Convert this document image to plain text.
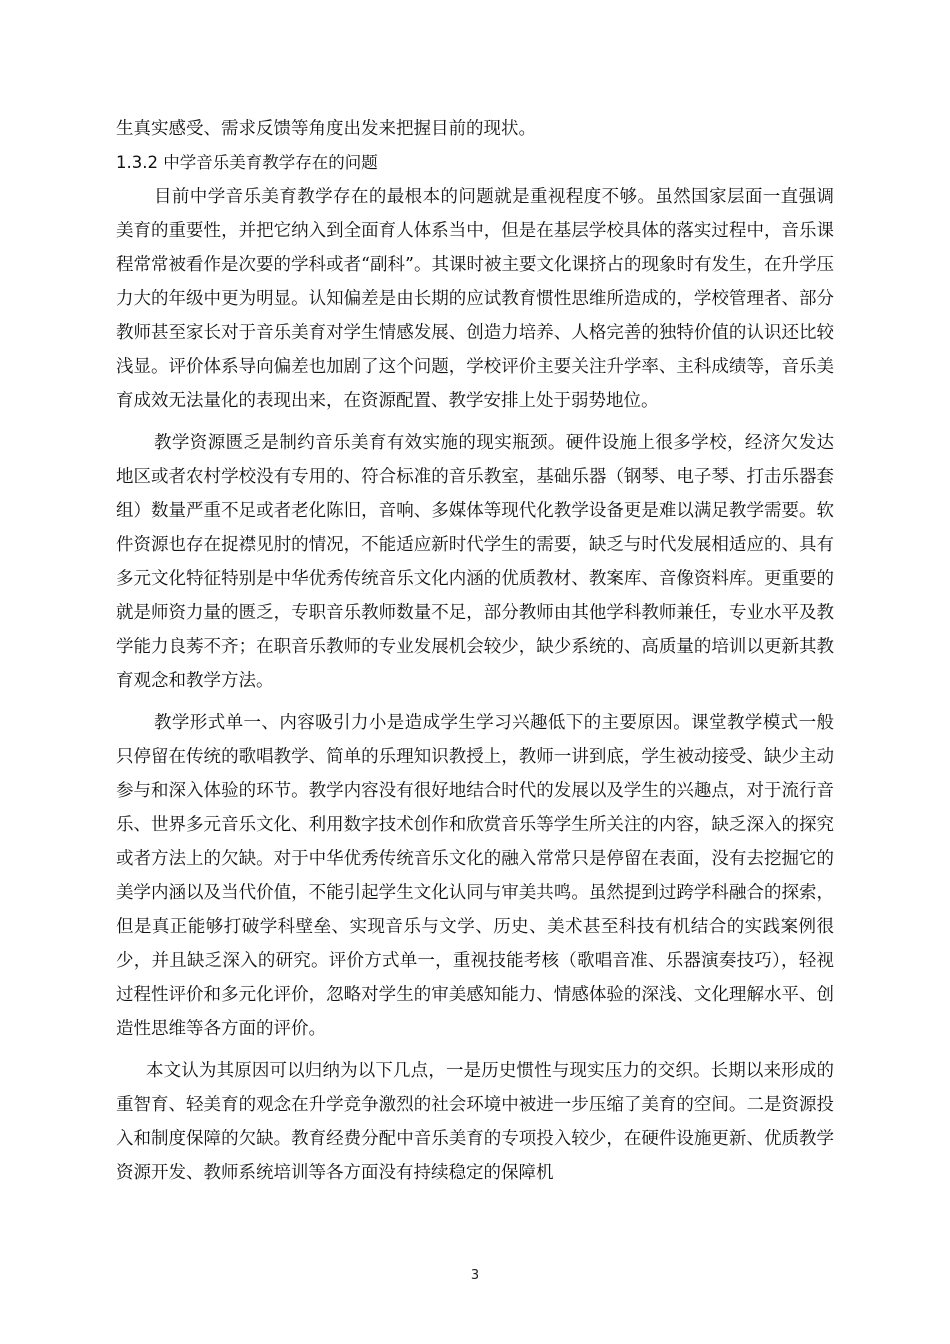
生真实感受、需求反馈等角度出发来把握目前的现状。

1.3.2 中学音乐美育教学存在的问题

目前中学音乐美育教学存在的最根本的问题就是重视程度不够。虽然国家层面一直强调美育的重要性，并把它纳入到全面育人体系当中，但是在基层学校具体的落实过程中，音乐课程常常被看作是次要的学科或者“副科”。其课时被主要文化课挤占的现象时有发生，在升学压力大的年级中更为明显。认知偏差是由长期的应试教育惯性思维所造成的，学校管理者、部分教师甚至家长对于音乐美育对学生情感发展、创造力培养、人格完善的独特价值的认识还比较浅显。评价体系导向偏差也加剧了这个问题，学校评价主要关注升学率、主科成绩等，音乐美育成效无法量化的表现出来，在资源配置、教学安排上处于弱势地位。

教学资源匮乏是制约音乐美育有效实施的现实瓶颈。硬件设施上很多学校，经济欠发达地区或者农村学校没有专用的、符合标准的音乐教室，基础乐器（钢琴、电子琴、打击乐器套组）数量严重不足或者老化陈旧，音响、多媒体等现代化教学设备更是难以满足教学需要。软件资源也存在捉襟见肘的情况，不能适应新时代学生的需要，缺乏与时代发展相适应的、具有多元文化特征特别是中华优秀传统音乐文化内涵的优质教材、教案库、音像资料库。更重要的就是师资力量的匮乏，专职音乐教师数量不足，部分教师由其他学科教师兼任，专业水平及教学能力良莠不齐；在职音乐教师的专业发展机会较少，缺少系统的、高质量的培训以更新其教育观念和教学方法。

教学形式单一、内容吸引力小是造成学生学习兴趣低下的主要原因。课堂教学模式一般只停留在传统的歌唱教学、简单的乐理知识教授上，教师一讲到底，学生被动接受、缺少主动参与和深入体验的环节。教学内容没有很好地结合时代的发展以及学生的兴趣点，对于流行音乐、世界多元音乐文化、利用数字技术创作和欣赏音乐等学生所关注的内容，缺乏深入的探究或者方法上的欠缺。对于中华优秀传统音乐文化的融入常常只是停留在表面，没有去挖掘它的美学内涵以及当代价值，不能引起学生文化认同与审美共鸣。虽然提到过跨学科融合的探索，但是真正能够打破学科壁垒、实现音乐与文学、历史、美术甚至科技有机结合的实践案例很少，并且缺乏深入的研究。评价方式单一，重视技能考核（歌唱音准、乐器演奏技巧），轻视过程性评价和多元化评价，忽略对学生的审美感知能力、情感体验的深浅、文化理解水平、创造性思维等各方面的评价。

本文认为其原因可以归纳为以下几点，一是历史惯性与现实压力的交织。长期以来形成的重智育、轻美育的观念在升学竞争激烈的社会环境中被进一步压缩了美育的空间。二是资源投入和制度保障的欠缺。教育经费分配中音乐美育的专项投入较少，在硬件设施更新、优质教学资源开发、教师系统培训等各方面没有持续稳定的保障机

3
